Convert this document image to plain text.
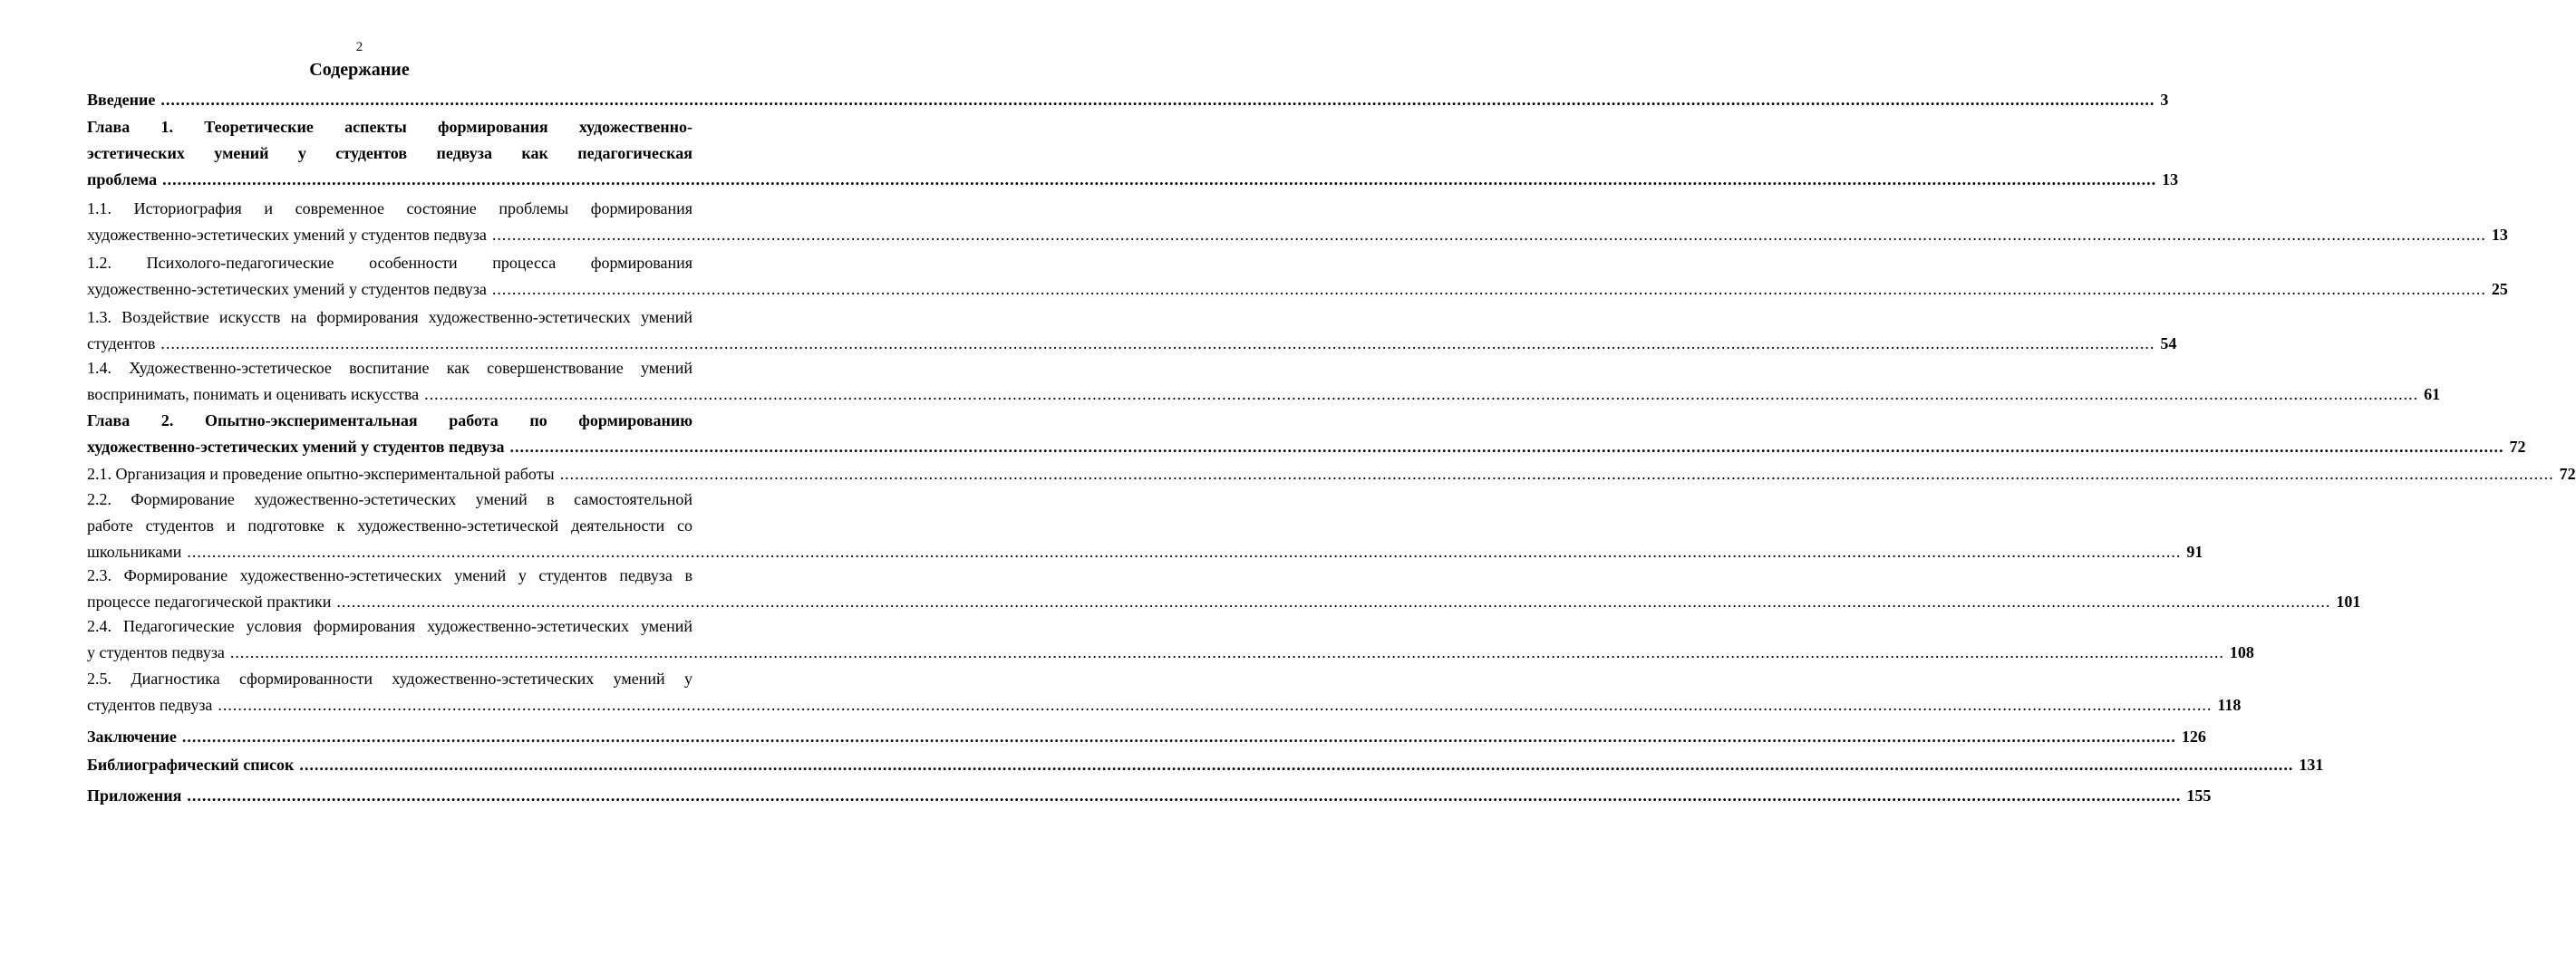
2
Содержание
Введение ................................................................................................................................................................................................................................................................................................................................................................................................................ 3
Глава 1. Теоретические аспекты формирования художественно-
эстетических умений у студентов педвуза как педагогическая
проблема ................................................................................................................................................................................................................................................................................................................................................................................................................ 13
1.1. Историография и современное состояние проблемы формирования
художественно-эстетических умений у студентов педвуза ................................................................................................................................................................................................................................................................................................................................................................................................................ 13
1.2. Психолого-педагогические особенности процесса формирования
художественно-эстетических умений у студентов педвуза ................................................................................................................................................................................................................................................................................................................................................................................................................ 25
1.3. Воздействие искусств на формирования художественно-эстетических умений
студентов ................................................................................................................................................................................................................................................................................................................................................................................................................ 54
1.4. Художественно-эстетическое воспитание как совершенствование умений
воспринимать, понимать и оценивать искусства ................................................................................................................................................................................................................................................................................................................................................................................................................ 61
Глава 2. Опытно-экспериментальная работа по формированию
художественно-эстетических умений у студентов педвуза ................................................................................................................................................................................................................................................................................................................................................................................................................ 72
2.1. Организация и проведение опытно-экспериментальной работы ................................................................................................................................................................................................................................................................................................................................................................................................................ 72
2.2. Формирование художественно-эстетических умений в самостоятельной
работе студентов и подготовке к художественно-эстетической деятельности со
школьниками ................................................................................................................................................................................................................................................................................................................................................................................................................ 91
2.3. Формирование художественно-эстетических умений у студентов педвуза в
процессе педагогической практики ................................................................................................................................................................................................................................................................................................................................................................................................................ 101
2.4. Педагогические условия формирования художественно-эстетических умений
у студентов педвуза ................................................................................................................................................................................................................................................................................................................................................................................................................ 108
2.5. Диагностика сформированности художественно-эстетических умений у
студентов педвуза ................................................................................................................................................................................................................................................................................................................................................................................................................ 118
Заключение ................................................................................................................................................................................................................................................................................................................................................................................................................ 126
Библиографический список ................................................................................................................................................................................................................................................................................................................................................................................................................ 131
Приложения ................................................................................................................................................................................................................................................................................................................................................................................................................ 155
